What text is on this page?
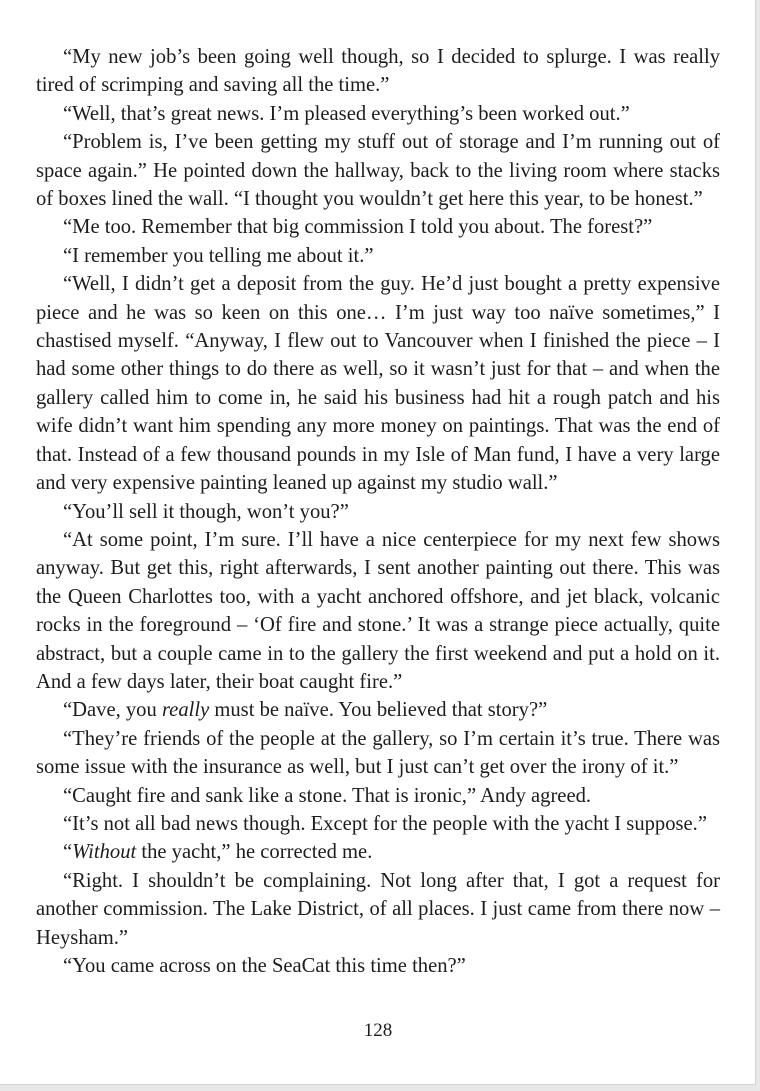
“My new job’s been going well though, so I decided to splurge. I was really tired of scrimping and saving all the time.”

“Well, that’s great news. I’m pleased everything’s been worked out.”

“Problem is, I’ve been getting my stuff out of storage and I’m running out of space again.” He pointed down the hallway, back to the living room where stacks of boxes lined the wall. “I thought you wouldn’t get here this year, to be honest.”

“Me too. Remember that big commission I told you about. The forest?”

“I remember you telling me about it.”

“Well, I didn’t get a deposit from the guy. He’d just bought a pretty expensive piece and he was so keen on this one… I’m just way too naïve sometimes,” I chastised myself. “Anyway, I flew out to Vancouver when I finished the piece – I had some other things to do there as well, so it wasn’t just for that – and when the gallery called him to come in, he said his business had hit a rough patch and his wife didn’t want him spending any more money on paintings. That was the end of that. Instead of a few thousand pounds in my Isle of Man fund, I have a very large and very expensive painting leaned up against my studio wall.”

“You’ll sell it though, won’t you?”

“At some point, I’m sure. I’ll have a nice centerpiece for my next few shows anyway. But get this, right afterwards, I sent another painting out there. This was the Queen Charlottes too, with a yacht anchored offshore, and jet black, volcanic rocks in the foreground – ‘Of fire and stone.’ It was a strange piece actually, quite abstract, but a couple came in to the gallery the first weekend and put a hold on it. And a few days later, their boat caught fire.”

“Dave, you really must be naïve. You believed that story?”

“They’re friends of the people at the gallery, so I’m certain it’s true. There was some issue with the insurance as well, but I just can’t get over the irony of it.”

“Caught fire and sank like a stone. That is ironic,” Andy agreed.

“It’s not all bad news though. Except for the people with the yacht I suppose.”

“Without the yacht,” he corrected me.

“Right. I shouldn’t be complaining. Not long after that, I got a request for another commission. The Lake District, of all places. I just came from there now – Heysham.”

“You came across on the SeaCat this time then?”

128
